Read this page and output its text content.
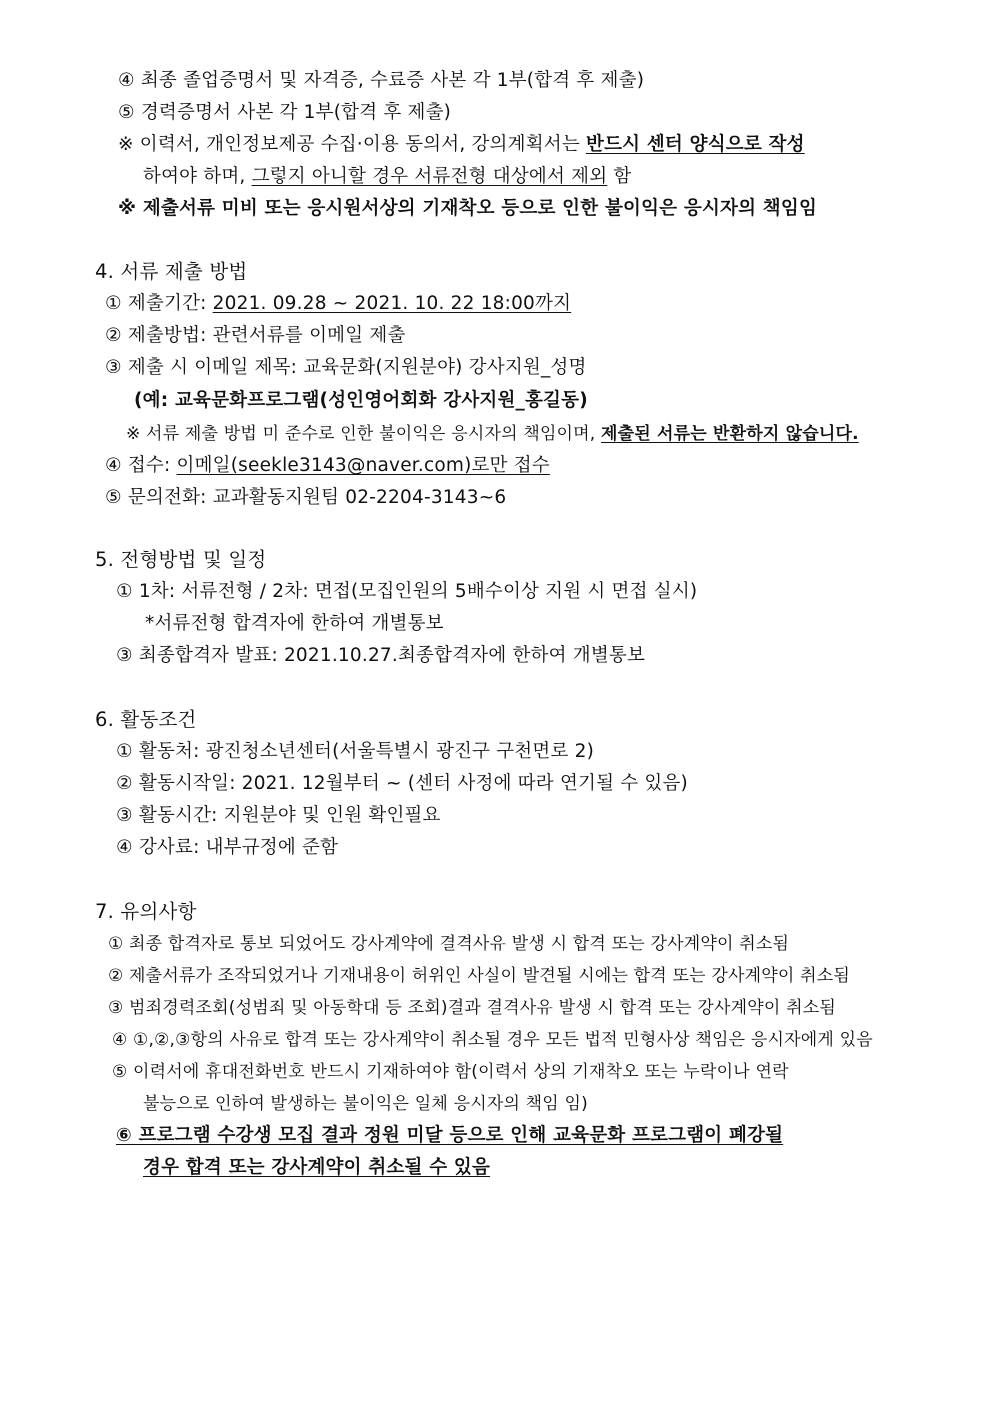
④ 최종 졸업증명서 및 자격증, 수료증 사본 각 1부(합격 후 제출)
⑤ 경력증명서 사본 각 1부(합격 후 제출)
※ 이력서, 개인정보제공 수집·이용 동의서, 강의계획서는 반드시 센터 양식으로 작성
하여야 하며, 그렇지 아니할 경우 서류전형 대상에서 제외 함
※ 제출서류 미비 또는 응시원서상의 기재착오 등으로 인한 불이익은 응시자의 책임임
4. 서류 제출 방법
① 제출기간: 2021. 09.28 ~ 2021. 10. 22 18:00까지
② 제출방법: 관련서류를 이메일 제출
③ 제출 시 이메일 제목: 교육문화(지원분야) 강사지원_성명
(예: 교육문화프로그램(성인영어회화 강사지원_홍길동)
※ 서류 제출 방법 미 준수로 인한 불이익은 응시자의 책임이며, 제출된 서류는 반환하지 않습니다.
④ 접수: 이메일(seekle3143@naver.com)로만 접수
⑤ 문의전화: 교과활동지원팀 02-2204-3143~6
5. 전형방법 및 일정
① 1차: 서류전형 / 2차: 면접(모집인원의 5배수이상 지원 시 면접 실시)
*서류전형 합격자에 한하여 개별통보
③ 최종합격자 발표: 2021.10.27.최종합격자에 한하여 개별통보
6. 활동조건
① 활동처: 광진청소년센터(서울특별시 광진구 구천면로 2)
② 활동시작일: 2021. 12월부터 ~ (센터 사정에 따라 연기될 수 있음)
③ 활동시간: 지원분야 및 인원 확인필요
④ 강사료: 내부규정에 준함
7. 유의사항
① 최종 합격자로 통보 되었어도 강사계약에 결격사유 발생 시 합격 또는 강사계약이 취소됨
② 제출서류가 조작되었거나 기재내용이 허위인 사실이 발견될 시에는 합격 또는 강사계약이 취소됨
③ 범죄경력조회(성범죄 및 아동학대 등 조회)결과 결격사유 발생 시 합격 또는 강사계약이 취소됨
④ ①,②,③항의 사유로 합격 또는 강사계약이 취소될 경우 모든 법적 민형사상 책임은 응시자에게 있음
⑤ 이력서에 휴대전화번호 반드시 기재하여야 함(이력서 상의 기재착오 또는 누락이나 연락
불능으로 인하여 발생하는 불이익은 일체 응시자의 책임 임)
⑥ 프로그램 수강생 모집 결과 정원 미달 등으로 인해 교육문화 프로그램이 폐강될
경우 합격 또는 강사계약이 취소될 수 있음
